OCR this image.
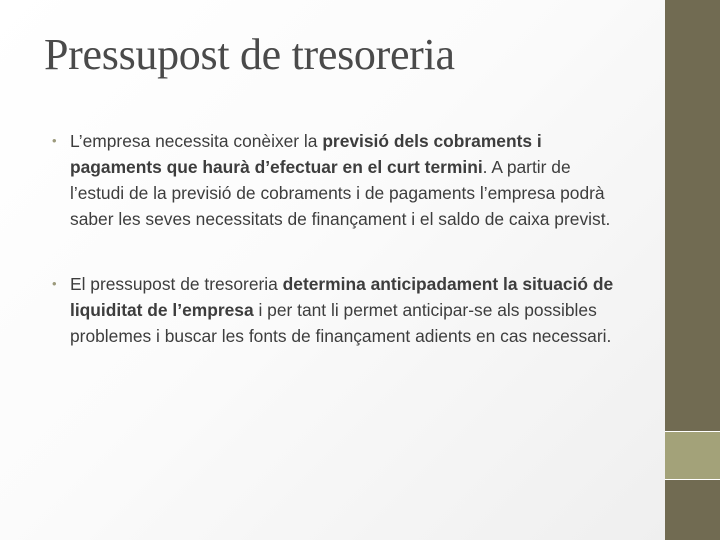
Pressupost de tresoreria
• L’empresa necessita conèixer la previsió dels cobraments i pagaments que haurà d’efectuar en el curt termini. A partir de l’estudi de la previsió de cobraments i de pagaments l’empresa podrà saber les seves necessitats de finançament i el saldo de caixa previst.
• El pressupost de tresoreria determina anticipadament la situació de liquiditat de l’empresa i per tant li permet anticipar-se als possibles problemes i buscar les fonts de finançament adients en cas necessari.
